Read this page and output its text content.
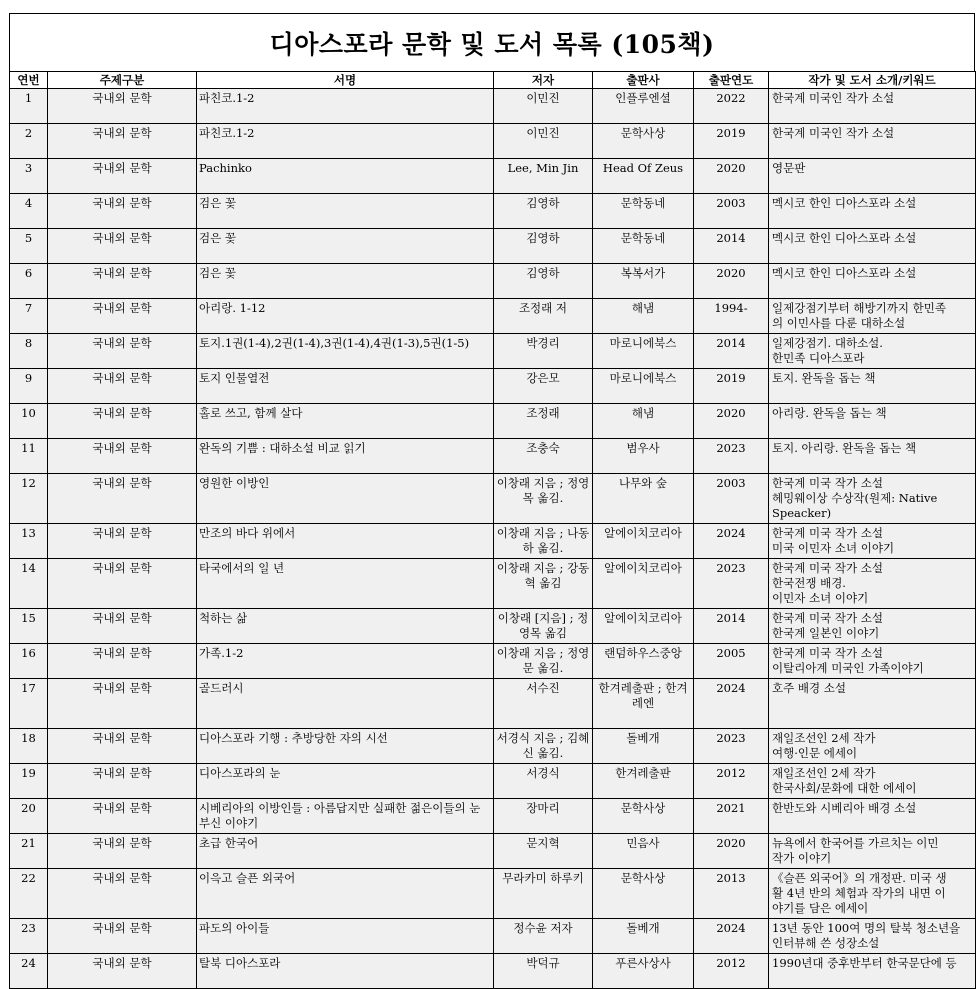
디아스포라 문학 및 도서 목록 (105책)
연번	주제구분	서명	저자	출판사	출판연도	작가 및 도서 소개/키워드
1	국내외 문학	파친코.1-2	이민진	인플루엔셜	2022	한국계 미국인 작가 소설

2	국내외 문학	파친코.1-2	이민진	문학사상	2019	한국계 미국인 작가 소설

3	국내외 문학	Pachinko	Lee, Min Jin	Head Of Zeus	2020	영문판

4	국내외 문학	검은 꽃	김영하	문학동네	2003	멕시코 한인 디아스포라 소설

5	국내외 문학	검은 꽃	김영하	문학동네	2014	멕시코 한인 디아스포라 소설

6	국내외 문학	검은 꽃	김영하	복복서가	2020	멕시코 한인 디아스포라 소설

7	국내외 문학	아리랑. 1-12	조정래 저	해냄	1994-	일제강점기부터 해방기까지 한민족
의 이민사를 다룬 대하소설

8	국내외 문학	토지.1권(1-4),2권(1-4),3권(1-4),4권(1-3),5권(1-5)	박경리	마로니에북스	2014	일제강점기. 대하소설.
한민족 디아스포라

9	국내외 문학	토지 인물열전	강은모	마로니에북스	2019	토지. 완독을 돕는 책

10	국내외 문학	홀로 쓰고, 함께 살다	조정래	해냄	2020	아리랑. 완독을 돕는 책

11	국내외 문학	완독의 기쁨 : 대하소설 비교 읽기	조충숙	범우사	2023	토지. 아리랑. 완독을 돕는 책

12	국내외 문학	영원한 이방인	이창래 지음 ; 정영목 옮김.	나무와 숲	2003	한국계 미국 작가 소설
헤밍웨이상 수상작(원제: Native
Speacker)

13	국내외 문학	만조의 바다 위에서	이창래 지음 ; 나동하 옮김.	알에이치코리아	2024	한국계 미국 작가 소설
미국 이민자 소녀 이야기

14	국내외 문학	타국에서의 일 년	이창래 지음 ; 강동혁 옮김	알에이치코리아	2023	한국계 미국 작가 소설
한국전쟁 배경.
이민자 소녀 이야기

15	국내외 문학	척하는 삶	이창래 [지음] ; 정영목 옮김	알에이치코리아	2014	한국계 미국 작가 소설
한국계 일본인 이야기

16	국내외 문학	가족.1-2	이창래 지음 ; 정영문 옮김.	랜덤하우스중앙	2005	한국계 미국 작가 소설
이탈리아계 미국인 가족이야기

17	국내외 문학	골드러시	서수진	한겨레출판 ; 한겨레엔	2024	호주 배경 소설

18	국내외 문학	디아스포라 기행 : 추방당한 자의 시선	서경식 지음 ; 김혜신 옮김.	돌베개	2023	재일조선인 2세 작가
여행·인문 에세이

19	국내외 문학	디아스포라의 눈	서경식	한겨레출판	2012	재일조선인 2세 작가
한국사회/문화에 대한 에세이

20	국내외 문학	시베리아의 이방인들 : 아름답지만 실패한 젊은이들의 눈부신 이야기	장마리	문학사상	2021	한반도와 시베리아 배경 소설

21	국내외 문학	초급 한국어	문지혁	민음사	2020	뉴욕에서 한국어를 가르치는 이민
작가 이야기

22	국내외 문학	이윽고 슬픈 외국어	무라카미 하루키	문학사상	2013	《슬픈 외국어》의 개정판. 미국 생
활 4년 반의 체험과 작가의 내면 이
야기를 담은 에세이

23	국내외 문학	파도의 아이들	정수윤 저자	돌베개	2024	13년 동안 100여 명의 탈북 청소년을
인터뷰해 쓴 성장소설

24	국내외 문학	탈북 디아스포라	박덕규	푸른사상사	2012	1990년대 중후반부터 한국문단에 등
